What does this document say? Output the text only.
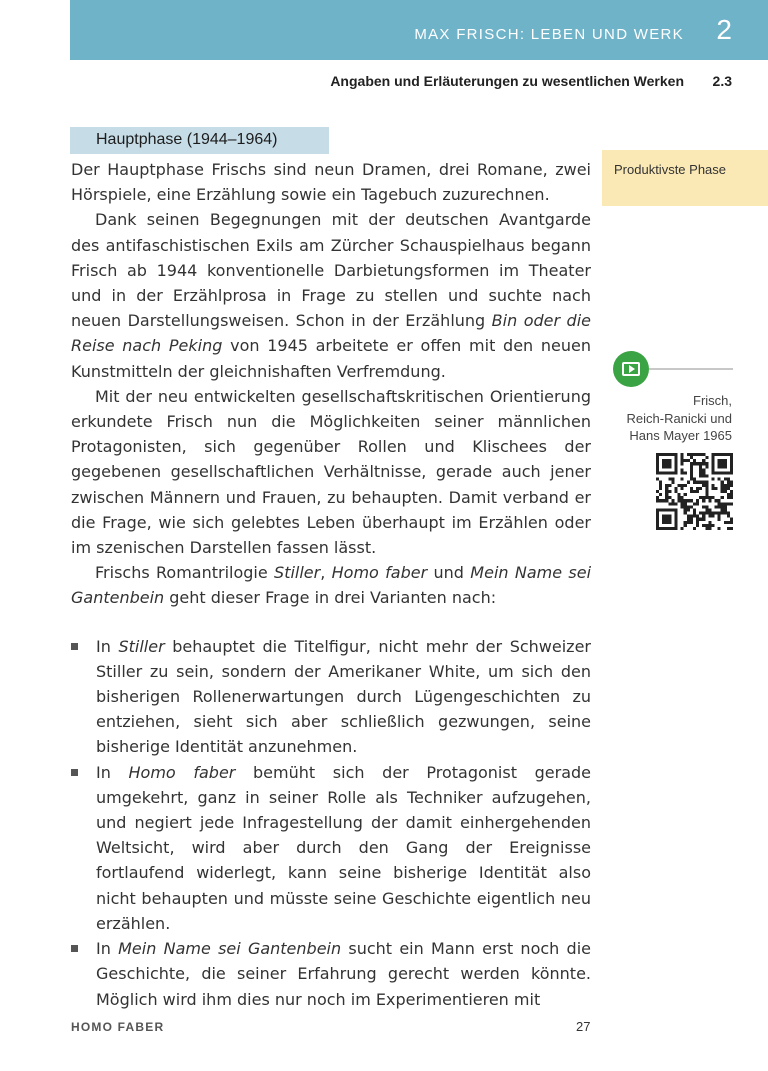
MAX FRISCH: LEBEN UND WERK 2
Angaben und Erläuterungen zu wesentlichen Werken 2.3
Hauptphase (1944–1964)

Der Hauptphase Frischs sind neun Dramen, drei Romane, zwei Hörspiele, eine Erzählung sowie ein Tagebuch zuzurechnen.

Dank seinen Begegnungen mit der deutschen Avantgarde des antifaschistischen Exils am Zürcher Schauspielhaus begann Frisch ab 1944 konventionelle Darbietungsformen im Theater und in der Erzählprosa in Frage zu stellen und suchte nach neuen Darstellungsweisen. Schon in der Erzählung Bin oder die Reise nach Peking von 1945 arbeitete er offen mit den neuen Kunstmitteln der gleichnishaften Verfremdung.

Mit der neu entwickelten gesellschaftskritischen Orientierung erkundete Frisch nun die Möglichkeiten seiner männlichen Protagonisten, sich gegenüber Rollen und Klischees der gegebenen gesellschaftlichen Verhältnisse, gerade auch jener zwischen Männern und Frauen, zu behaupten. Damit verband er die Frage, wie sich gelebtes Leben überhaupt im Erzählen oder im szenischen Darstellen fassen lässt.

Frischs Romantrilogie Stiller, Homo faber und Mein Name sei Gantenbein geht dieser Frage in drei Varianten nach:

In Stiller behauptet die Titelfigur, nicht mehr der Schweizer Stiller zu sein, sondern der Amerikaner White, um sich den bisherigen Rollenerwartungen durch Lügengeschichten zu entziehen, sieht sich aber schließlich gezwungen, seine bisherige Identität anzunehmen.
In Homo faber bemüht sich der Protagonist gerade umgekehrt, ganz in seiner Rolle als Techniker aufzugehen, und negiert jede Infragestellung der damit einhergehenden Weltsicht, wird aber durch den Gang der Ereignisse fortlaufend widerlegt, kann seine bisherige Identität also nicht behaupten und müsste seine Geschichte eigentlich neu erzählen.
In Mein Name sei Gantenbein sucht ein Mann erst noch die Geschichte, die seiner Erfahrung gerecht werden könnte. Möglich wird ihm dies nur noch im Experimentieren mit
Produktivste Phase
Frisch,
Reich-Ranicki und
Hans Mayer 1965
HOMO FABER	27
